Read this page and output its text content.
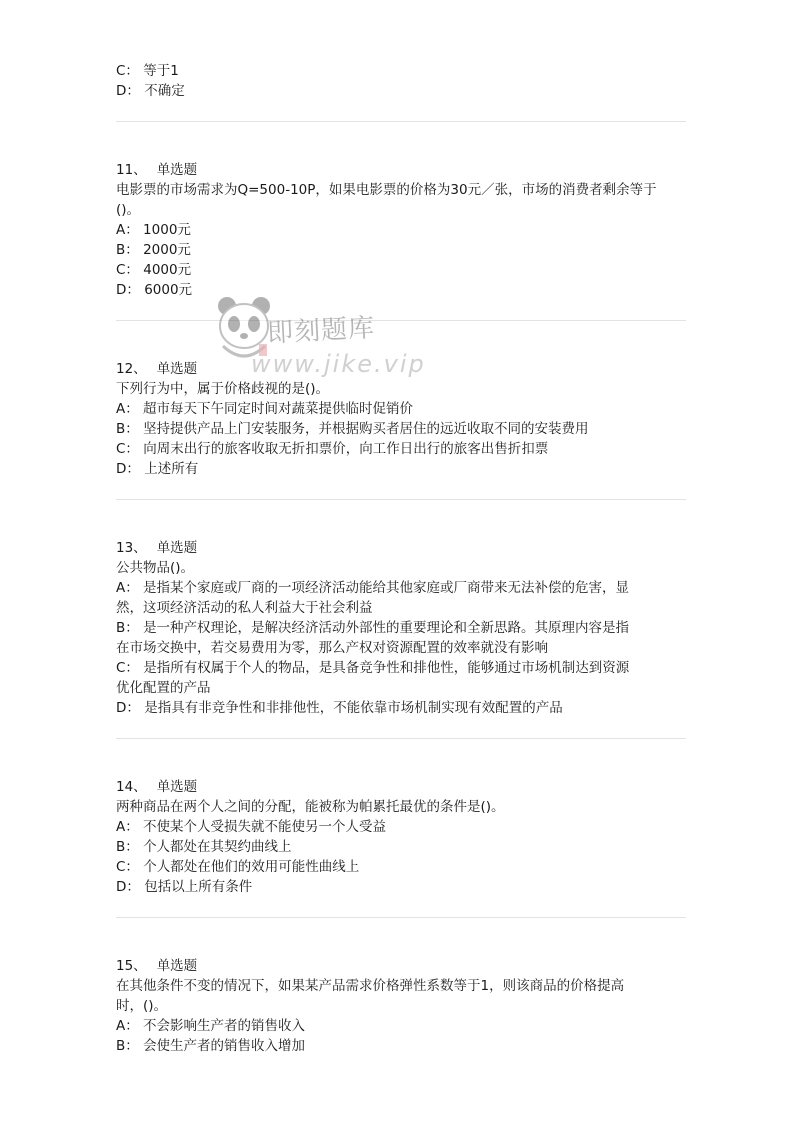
C： 等于1
D： 不确定
11、 单选题
电影票的市场需求为Q=500-10P，如果电影票的价格为30元／张，市场的消费者剩余等于
()。
A： 1000元
B： 2000元
C： 4000元
D： 6000元
12、 单选题
下列行为中，属于价格歧视的是()。
A： 超市每天下午同定时间对蔬菜提供临时促销价
B： 坚持提供产品上门安装服务，并根据购买者居住的远近收取不同的安装费用
C： 向周末出行的旅客收取无折扣票价，向工作日出行的旅客出售折扣票
D： 上述所有
13、 单选题
公共物品()。
A： 是指某个家庭或厂商的一项经济活动能给其他家庭或厂商带来无法补偿的危害，显
然，这项经济活动的私人利益大于社会利益
B： 是一种产权理论，是解决经济活动外部性的重要理论和全新思路。其原理内容是指
在市场交换中，若交易费用为零，那么产权对资源配置的效率就没有影响
C： 是指所有权属于个人的物品，是具备竞争性和排他性，能够通过市场机制达到资源
优化配置的产品
D： 是指具有非竞争性和非排他性，不能依靠市场机制实现有效配置的产品
14、 单选题
两种商品在两个人之间的分配，能被称为帕累托最优的条件是()。
A： 不使某个人受损失就不能使另一个人受益
B： 个人都处在其契约曲线上
C： 个人都处在他们的效用可能性曲线上
D： 包括以上所有条件
15、 单选题
在其他条件不变的情况下，如果某产品需求价格弹性系数等于1，则该商品的价格提高
时，()。
A： 不会影响生产者的销售收入
B： 会使生产者的销售收入增加
即刻题库
www.jike.vip
